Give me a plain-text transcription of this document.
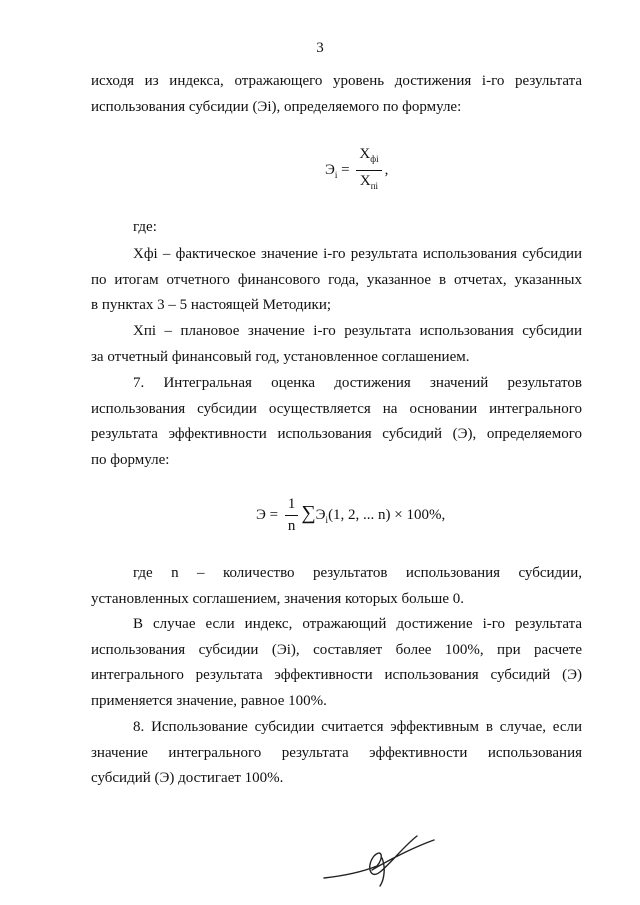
3
исходя из индекса, отражающего уровень достижения i-го результата
использования субсидии (Эi), определяемого по формуле:
$Э_i = \frac{Х_{фi}}{Х_{пi}}$ ,
где:
Хфi – фактическое значение i-го результата использования субсидии
по итогам отчетного финансового года, указанное в отчетах, указанных
в пунктах 3 – 5 настоящей Методики;
Хпi – плановое значение i-го результата использования субсидии
за отчетный финансовый год, установленное соглашением.
7. Интегральная оценка достижения значений результатов
использования субсидии осуществляется на основании интегрального
результата эффективности использования субсидий (Э), определяемого
по формуле:
$Э = \frac{1}{n} \sum Э_i(1$, 2, ... n) × 100%,
где n – количество результатов использования субсидии,
установленных соглашением, значения которых больше 0.
В случае если индекс, отражающий достижение i-го результата
использования субсидии (Эi), составляет более 100%, при расчете
интегрального результата эффективности использования субсидий (Э)
применяется значение, равное 100%.
8. Использование субсидии считается эффективным в случае, если
значение интегрального результата эффективности использования
субсидий (Э) достигает 100%.
